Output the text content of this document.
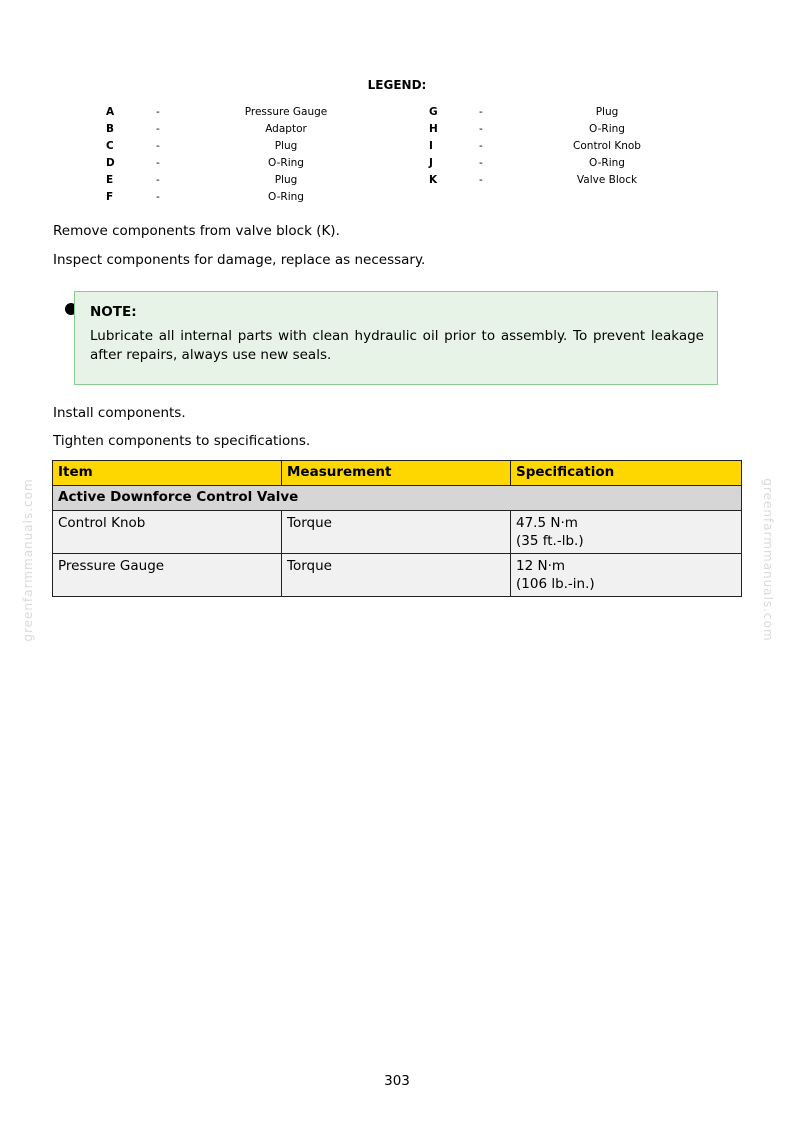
LEGEND:
A	-	Pressure Gauge
B	-	Adaptor
C	-	Plug
D	-	O-Ring
E	-	Plug
F	-	O-Ring
G	-	Plug
H	-	O-Ring
I	-	Control Knob
J	-	O-Ring
K	-	Valve Block
Remove components from valve block (K).
Inspect components for damage, replace as necessary.
NOTE:
Lubricate all internal parts with clean hydraulic oil prior to assembly. To prevent leakage after repairs, always use new seals.
Install components.
Tighten components to specifications.
Item	Measurement	Specification
Active Downforce Control Valve		
Control Knob	Torque	47.5 N·m
(35 ft.-lb.)

Pressure Gauge	Torque	12 N·m
(106 lb.-in.)
greenfarmmanuals.com	greenfarmmanuals.com
303
